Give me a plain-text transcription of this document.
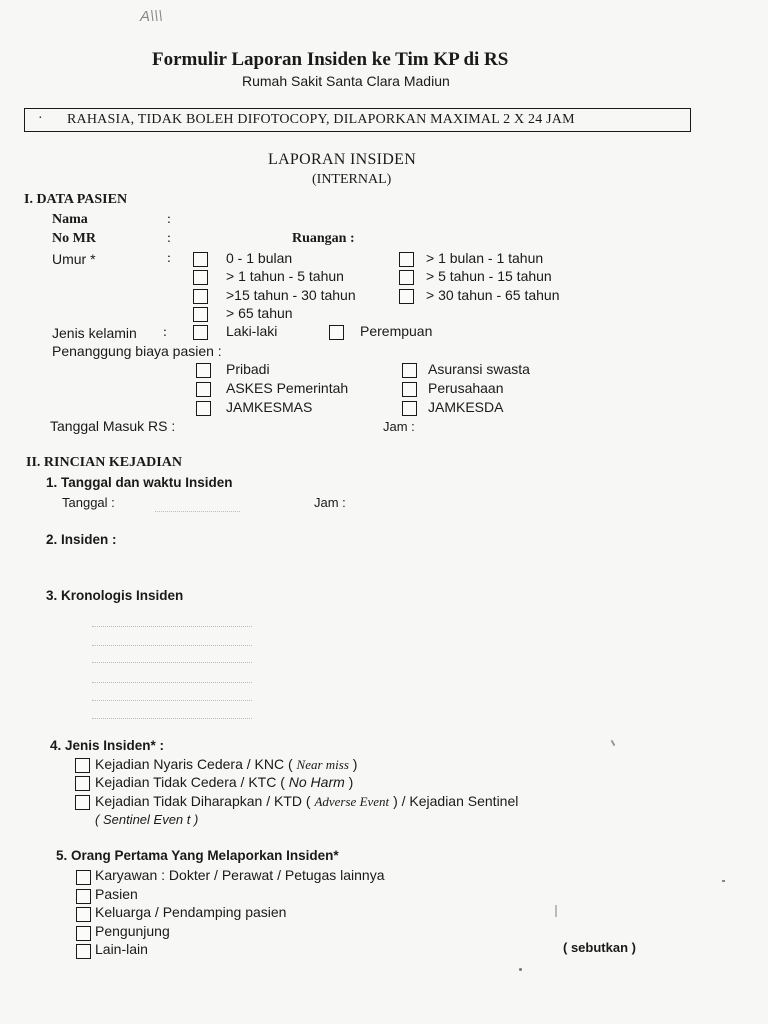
A\\\
Formulir Laporan Insiden ke Tim KP di RS
Rumah Sakit Santa Clara Madiun
· RAHASIA, TIDAK BOLEH DIFOTOCOPY, DILAPORKAN MAXIMAL 2 X 24 JAM
LAPORAN INSIDEN
(INTERNAL)
I. DATA PASIEN
Nama	:
No MR	:	Ruangan :
Umur *	:	0 - 1 bulan	> 1 bulan - 1 tahun
> 1 tahun - 5 tahun	> 5 tahun - 15 tahun
>15 tahun - 30 tahun	> 30 tahun - 65 tahun
> 65 tahun
Jenis kelamin :	Laki-laki	Perempuan
Penanggung biaya pasien :
Pribadi	Asuransi swasta
ASKES Pemerintah	Perusahaan
JAMKESMAS	JAMKESDA
Tanggal Masuk RS :	Jam :
II. RINCIAN KEJADIAN
1. Tanggal dan waktu Insiden
Tanggal :	Jam :
2. Insiden :
3. Kronologis Insiden
4. Jenis Insiden* :
Kejadian Nyaris Cedera / KNC ( Near miss )
Kejadian Tidak Cedera / KTC ( No Harm )
Kejadian Tidak Diharapkan / KTD ( Adverse Event ) / Kejadian Sentinel
( Sentinel Even t )
5. Orang Pertama Yang Melaporkan Insiden*
Karyawan : Dokter / Perawat / Petugas lainnya
Pasien
Keluarga / Pendamping pasien
Pengunjung
Lain-lain	( sebutkan )
